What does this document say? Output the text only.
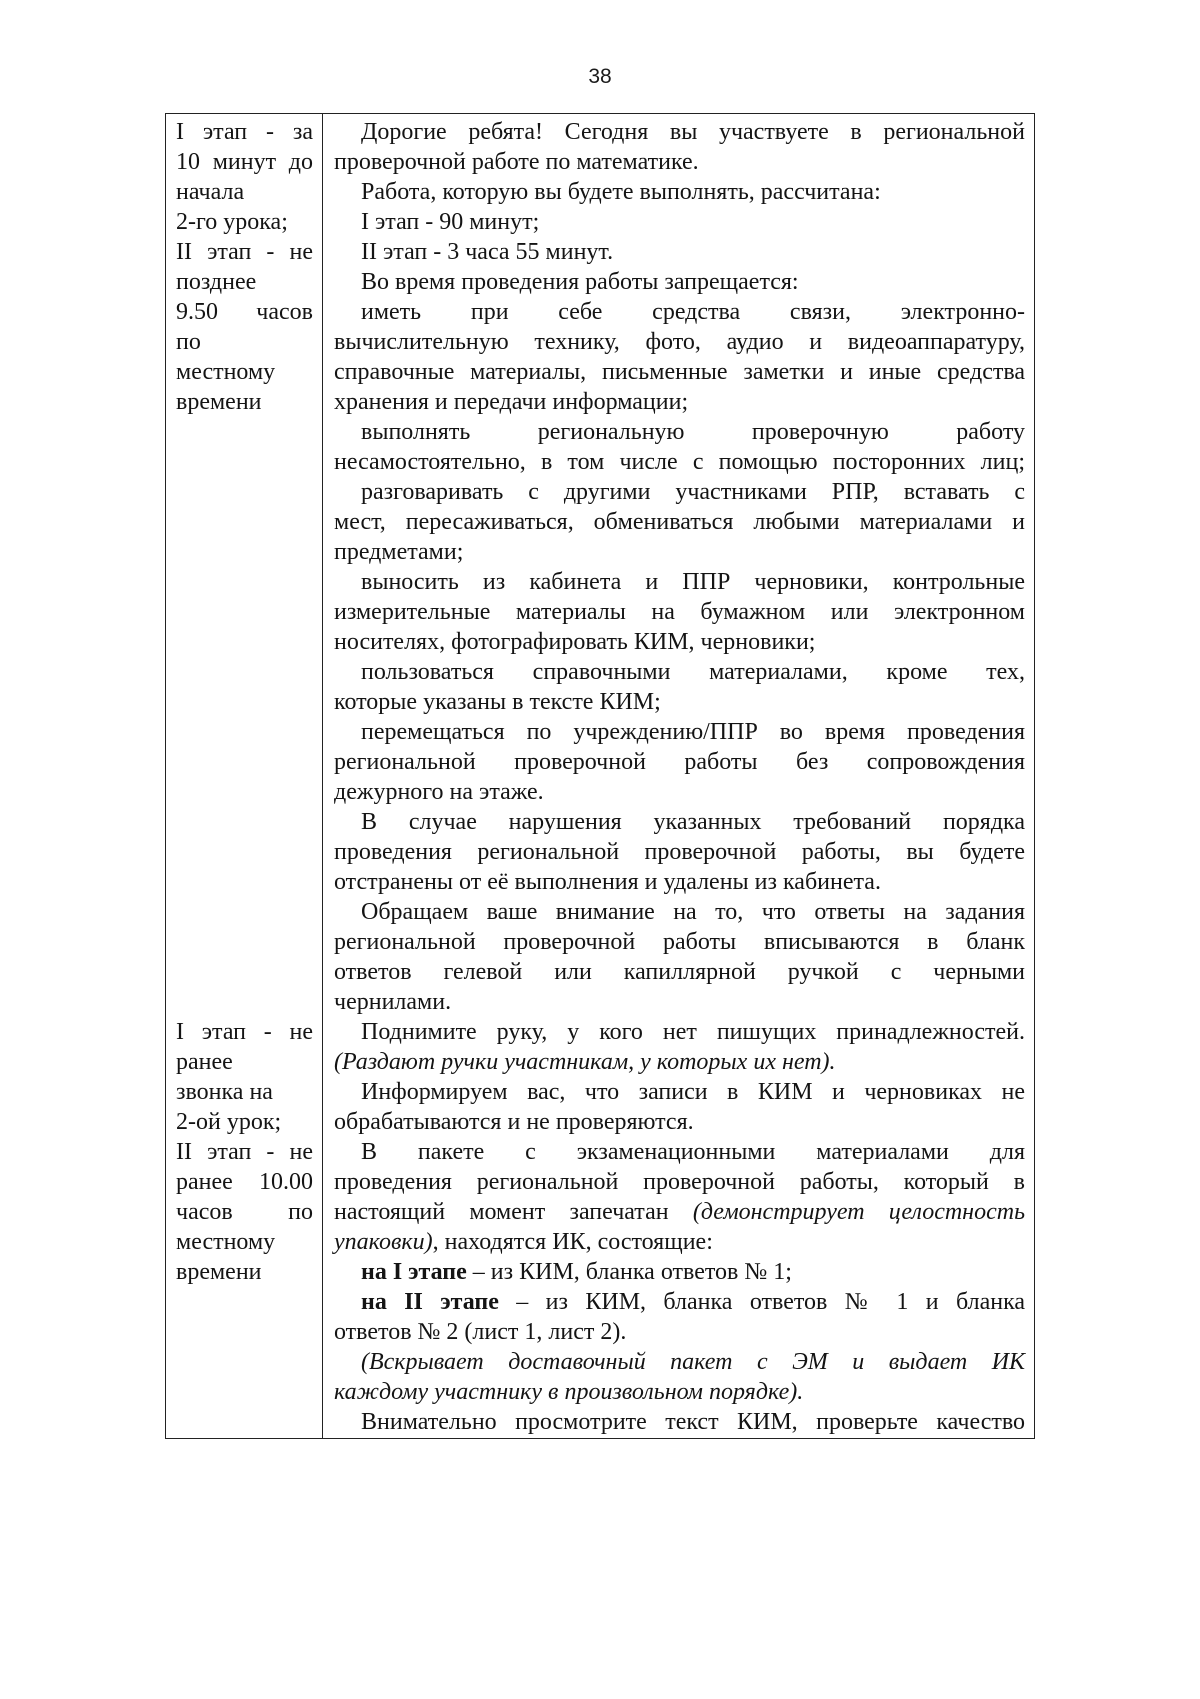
38
I этап - за
10 минут до
начала
2-го урока;
II этап - не
позднее
9.50 часов
по
местному
времени
Дорогие ребята! Сегодня вы участвуете в региональной
проверочной работе по математике.
Работа, которую вы будете выполнять, рассчитана:
I этап - 90 минут;
II этап - 3 часа 55 минут.
Во время проведения работы запрещается:
иметь при себе средства связи, электронно-
вычислительную технику, фото, аудио и видеоаппаратуру,
справочные материалы, письменные заметки и иные средства
хранения и передачи информации;
выполнять региональную проверочную работу
несамостоятельно, в том числе с помощью посторонних лиц;
разговаривать с другими участниками РПР, вставать с
мест, пересаживаться, обмениваться любыми материалами и
предметами;
выносить из кабинета и ППР черновики, контрольные
измерительные материалы на бумажном или электронном
носителях, фотографировать КИМ, черновики;
пользоваться справочными материалами, кроме тех,
которые указаны в тексте КИМ;
перемещаться по учреждению/ППР во время проведения
региональной проверочной работы без сопровождения
дежурного на этаже.
В случае нарушения указанных требований порядка
проведения региональной проверочной работы, вы будете
отстранены от её выполнения и удалены из кабинета.
Обращаем ваше внимание на то, что ответы на задания
региональной проверочной работы вписываются в бланк
ответов гелевой или капиллярной ручкой с черными
чернилами.
I этап - не
ранее
звонка на
2-ой урок;
II этап - не
ранее 10.00
часов по
местному
времени
Поднимите руку, у кого нет пишущих принадлежностей.
(Раздают ручки участникам, у которых их нет).
Информируем вас, что записи в КИМ и черновиках не
обрабатываются и не проверяются.
В пакете с экзаменационными материалами для
проведения региональной проверочной работы, который в
настоящий момент запечатан (демонстрирует целостность
упаковки), находятся ИК, состоящие:
на I этапе – из КИМ, бланка ответов № 1;
на II этапе – из КИМ, бланка ответов № 1 и бланка
ответов № 2 (лист 1, лист 2).
(Вскрывает доставочный пакет с ЭМ и выдает ИК
каждому участнику в произвольном порядке).
Внимательно просмотрите текст КИМ, проверьте качество
